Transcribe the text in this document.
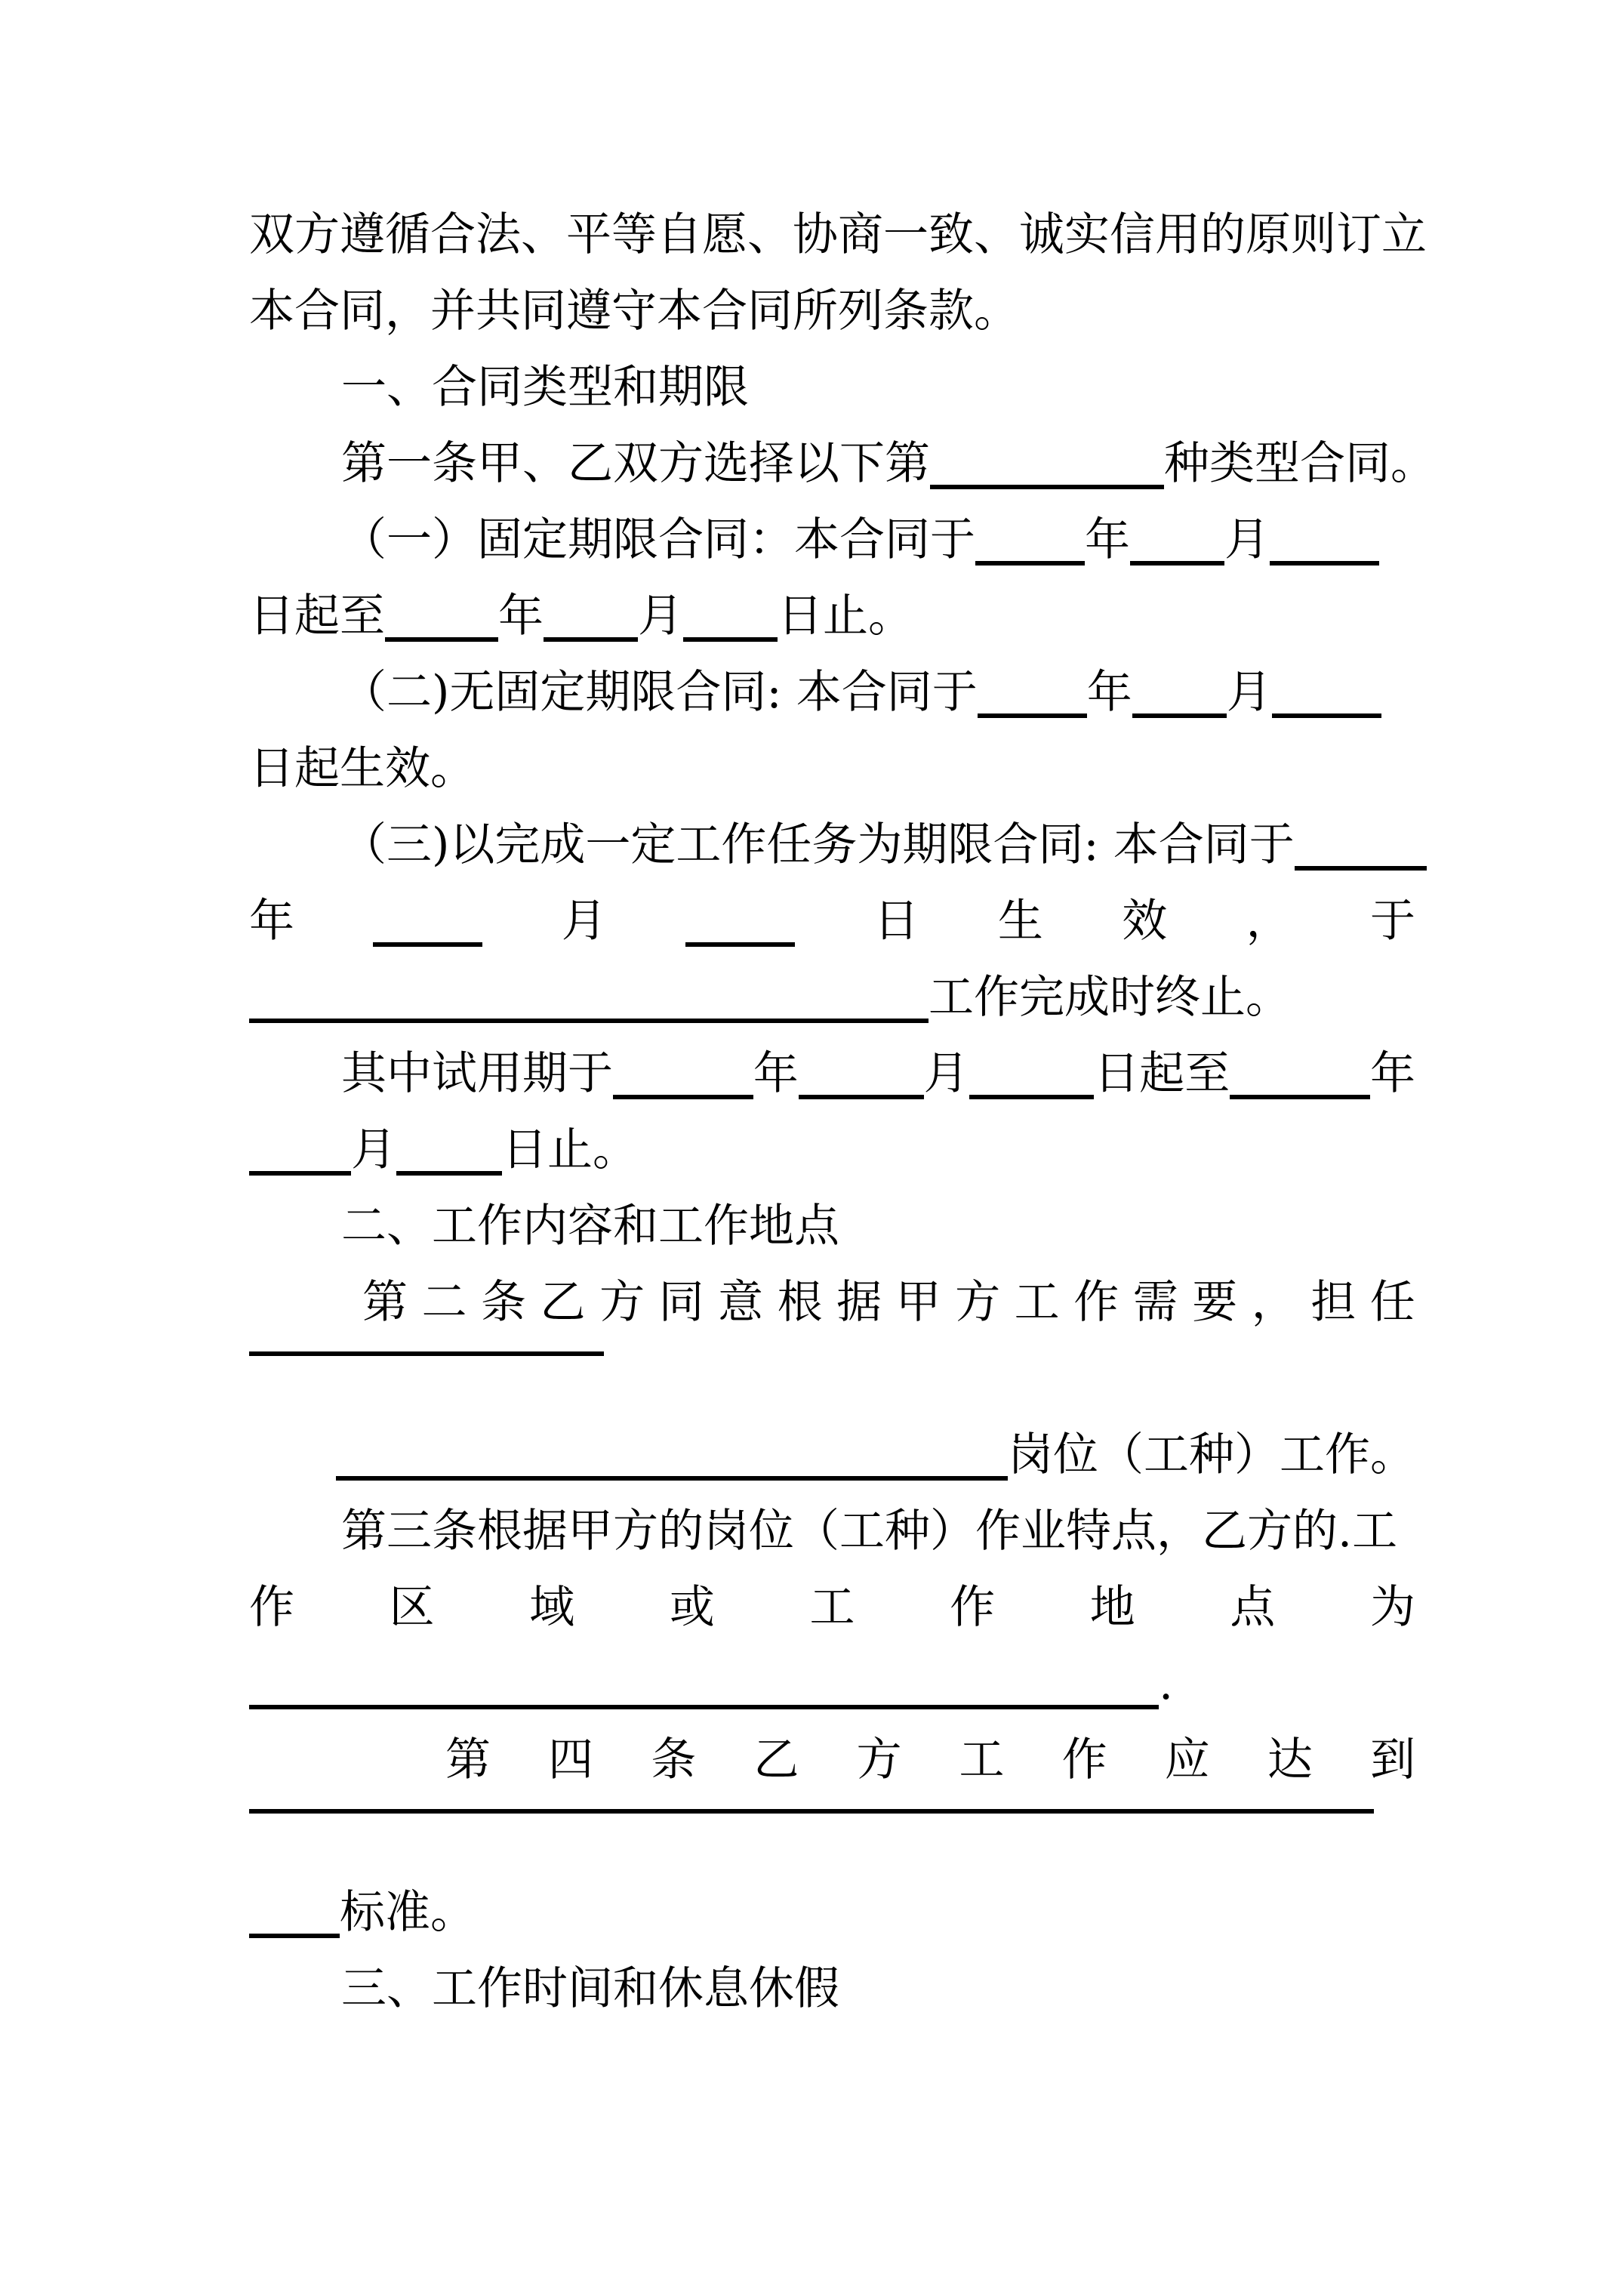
双方遵循合法、平等自愿、协商一致、诚实信用的原则订立
本合同，并共同遵守本合同所列条款。
一、合同类型和期限
第一条甲、乙双方选择以下第	种类型合同。
（一）固定期限合同：本合同于 年 月
日起至	年 月 日止。
（二)无固定期限合同: 本合同于 年 月
日起生效。
（三)以完成一定工作任务为期限合同: 本合同于
年	月	日 生 效 ， 于
工作完成时终止。
其中试用期于	年	月	日起至	年
月 日止。
二、工作内容和工作地点
第 二 条 乙 方 同 意 根 据 甲 方 工 作 需 要 ， 担 任
岗位（工种）工作。
第三条根据甲方的岗位（工种）作业特点，乙方的.工
作 区 域 或 工 作 地 点 为
.
第 四 条 乙 方 工 作 应 达 到
标准。
三、工作时间和休息休假
